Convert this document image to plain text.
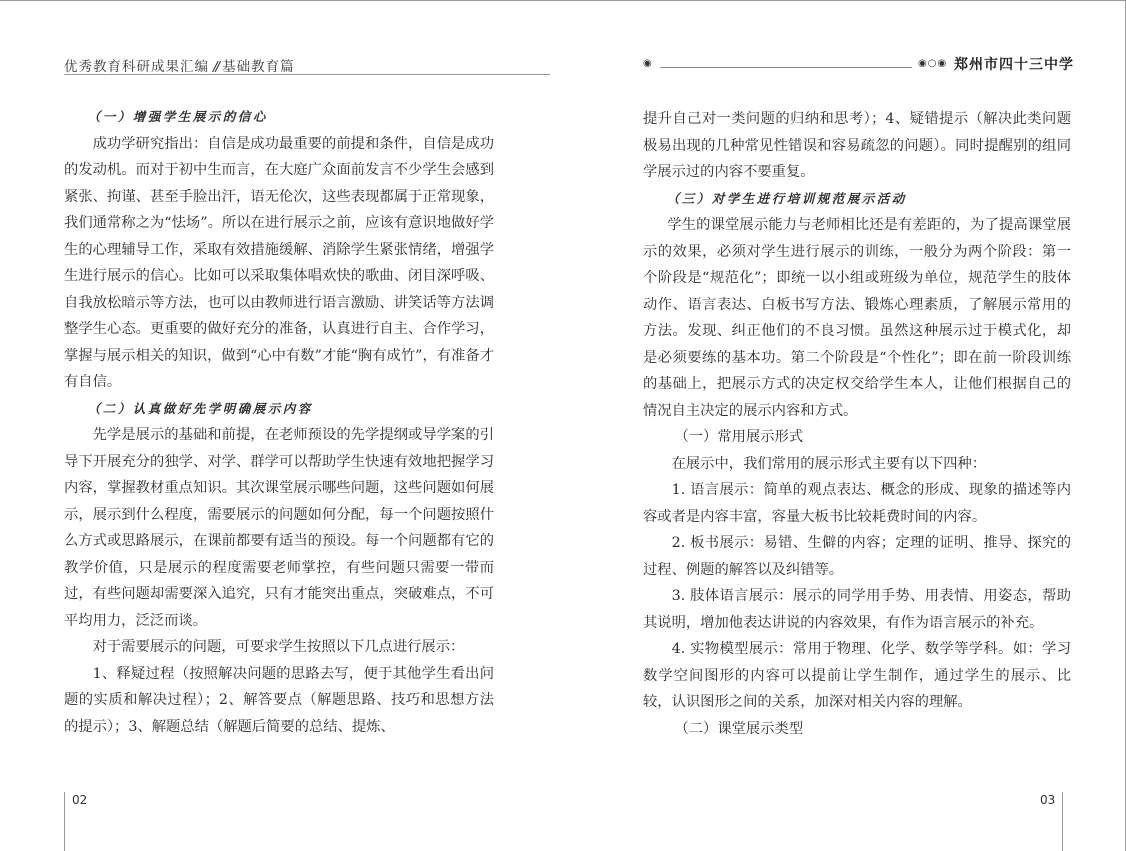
优秀教育科研成果汇编 // 基础教育篇	◉	◉○◉ 郑州市四十三中学

（一）增强学生展示的信心

成功学研究指出：自信是成功最重要的前提和条件，自信是成功的发动机。而对于初中生而言，在大庭广众面前发言不少学生会感到紧张、拘谨、甚至手脸出汗，语无伦次，这些表现都属于正常现象，我们通常称之为“怯场”。所以在进行展示之前，应该有意识地做好学生的心理辅导工作，采取有效措施缓解、消除学生紧张情绪，增强学生进行展示的信心。比如可以采取集体唱欢快的歌曲、闭目深呼吸、自我放松暗示等方法，也可以由教师进行语言激励、讲笑话等方法调整学生心态。更重要的做好充分的准备，认真进行自主、合作学习，掌握与展示相关的知识，做到“心中有数”才能“胸有成竹”，有准备才有自信。

（二）认真做好先学明确展示内容

先学是展示的基础和前提，在老师预设的先学提纲或导学案的引导下开展充分的独学、对学、群学可以帮助学生快速有效地把握学习内容，掌握教材重点知识。其次课堂展示哪些问题，这些问题如何展示，展示到什么程度，需要展示的问题如何分配，每一个问题按照什么方式或思路展示，在课前都要有适当的预设。每一个问题都有它的教学价值，只是展示的程度需要老师掌控，有些问题只需要一带而过，有些问题却需要深入追究，只有才能突出重点，突破难点，不可平均用力，泛泛而谈。

对于需要展示的问题，可要求学生按照以下几点进行展示：

1、释疑过程（按照解决问题的思路去写，便于其他学生看出问题的实质和解决过程）；2、解答要点（解题思路、技巧和思想方法的提示）；3、解题总结（解题后简要的总结、提炼、

提升自己对一类问题的归纳和思考）；4、疑错提示（解决此类问题极易出现的几种常见性错误和容易疏忽的问题）。同时提醒别的组同学展示过的内容不要重复。

（三）对学生进行培训规范展示活动

学生的课堂展示能力与老师相比还是有差距的，为了提高课堂展示的效果，必须对学生进行展示的训练，一般分为两个阶段：第一个阶段是“规范化”；即统一以小组或班级为单位，规范学生的肢体动作、语言表达、白板书写方法、锻炼心理素质，了解展示常用的方法。发现、纠正他们的不良习惯。虽然这种展示过于模式化，却是必须要练的基本功。第二个阶段是“个性化”；即在前一阶段训练的基础上，把展示方式的决定权交给学生本人，让他们根据自己的情况自主决定的展示内容和方式。

（一）常用展示形式

在展示中，我们常用的展示形式主要有以下四种：

1. 语言展示：简单的观点表达、概念的形成、现象的描述等内容或者是内容丰富，容量大板书比较耗费时间的内容。

2. 板书展示：易错、生僻的内容；定理的证明、推导、探究的过程、例题的解答以及纠错等。

3. 肢体语言展示：展示的同学用手势、用表情、用姿态，帮助其说明，增加他表达讲说的内容效果，有作为语言展示的补充。

4. 实物模型展示：常用于物理、化学、数学等学科。如：学习数学空间图形的内容可以提前让学生制作，通过学生的展示、比较，认识图形之间的关系，加深对相关内容的理解。

（二）课堂展示类型

02	03
